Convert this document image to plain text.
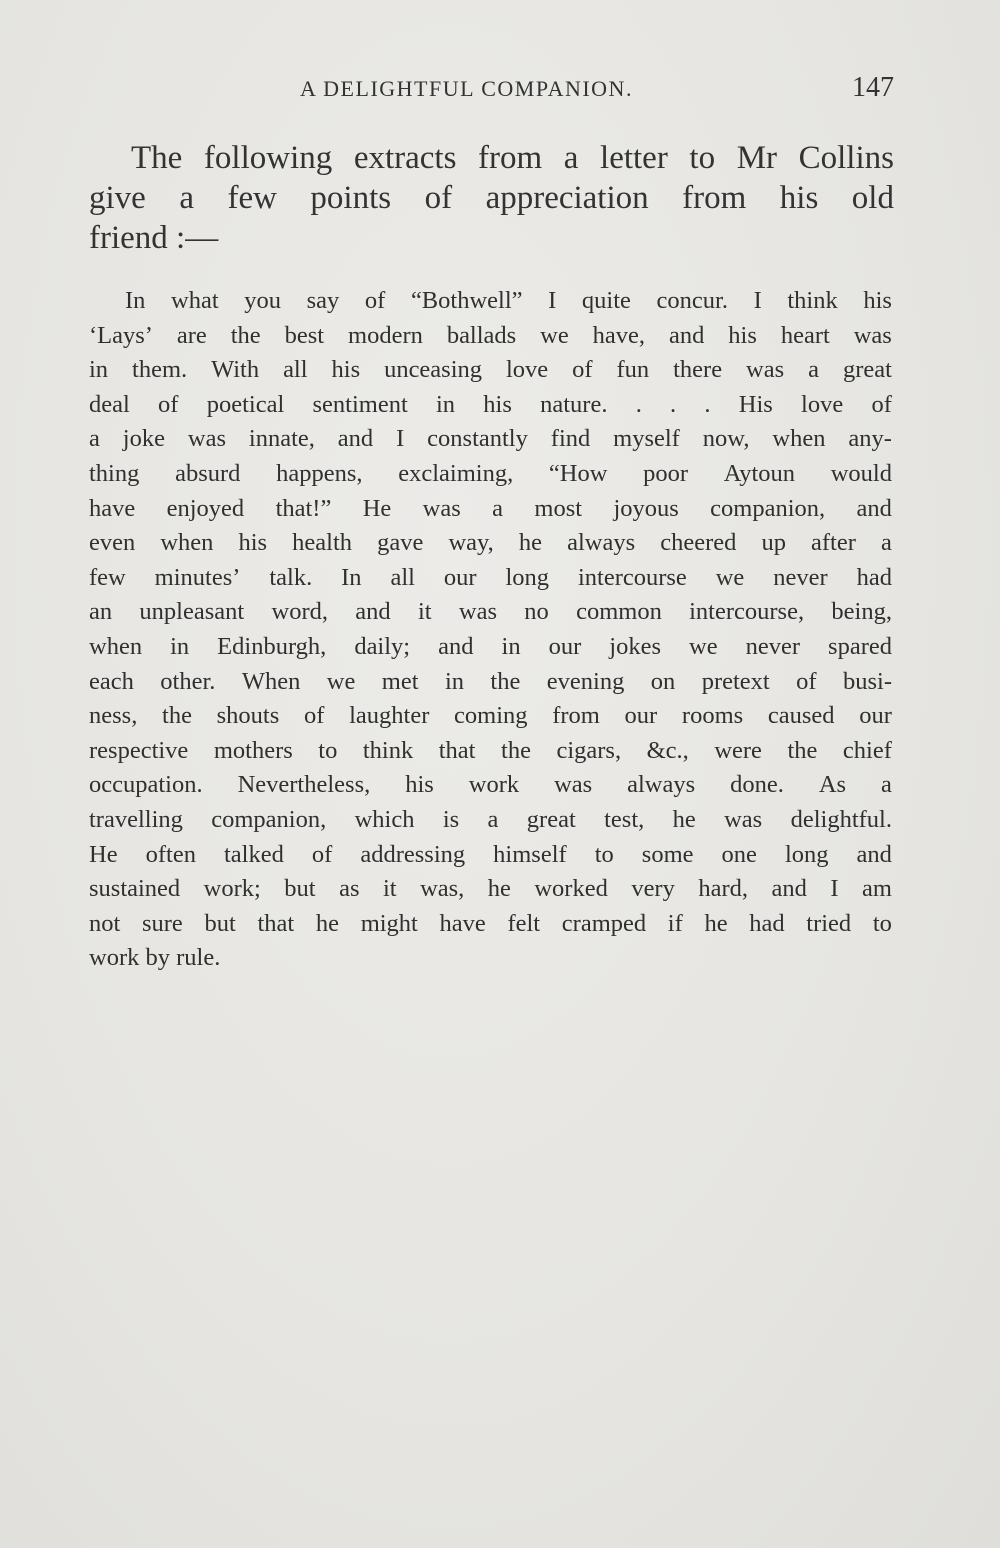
A DELIGHTFUL COMPANION.	147
The following extracts from a letter to Mr Collins
give a few points of appreciation from his old
friend :—
In what you say of “Bothwell” I quite concur. I think his
‘Lays’ are the best modern ballads we have, and his heart was
in them. With all his unceasing love of fun there was a great
deal of poetical sentiment in his nature. . . . His love of
a joke was innate, and I constantly find myself now, when any-
thing absurd happens, exclaiming, “How poor Aytoun would
have enjoyed that!” He was a most joyous companion, and
even when his health gave way, he always cheered up after a
few minutes’ talk. In all our long intercourse we never had
an unpleasant word, and it was no common intercourse, being,
when in Edinburgh, daily; and in our jokes we never spared
each other. When we met in the evening on pretext of busi-
ness, the shouts of laughter coming from our rooms caused our
respective mothers to think that the cigars, &c., were the chief
occupation. Nevertheless, his work was always done. As a
travelling companion, which is a great test, he was delightful.
He often talked of addressing himself to some one long and
sustained work; but as it was, he worked very hard, and I am
not sure but that he might have felt cramped if he had tried to
work by rule.
